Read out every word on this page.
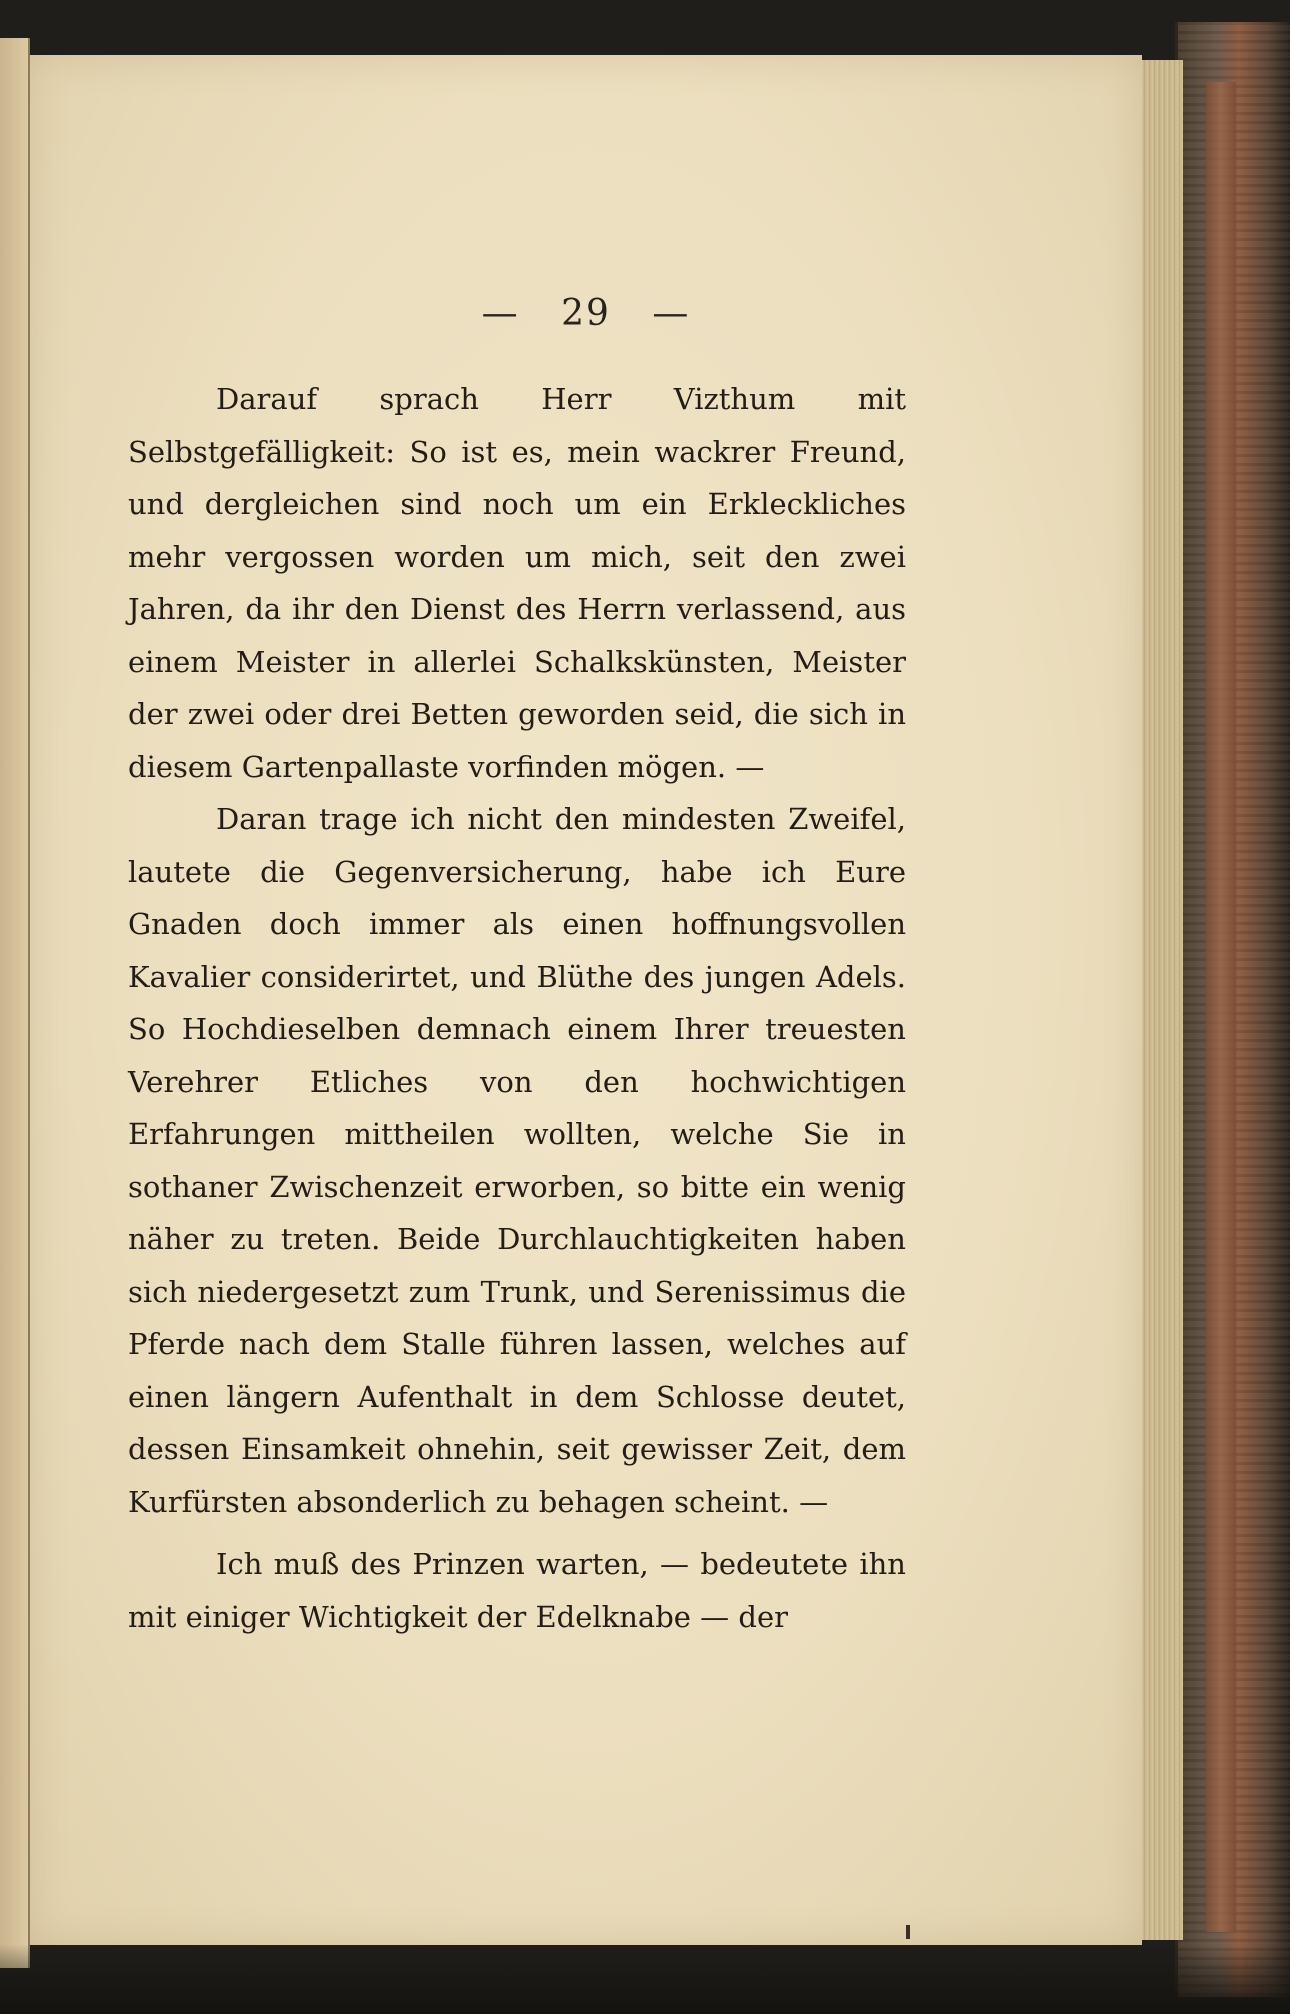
— 29 —

Darauf sprach Herr Vizthum mit Selbstgefälligkeit: So ist es, mein wackrer Freund, und dergleichen sind noch um ein Erkleckliches mehr vergossen worden um mich, seit den zwei Jahren, da ihr den Dienst des Herrn verlassend, aus einem Meister in allerlei Schalkskünsten, Meister der zwei oder drei Betten geworden seid, die sich in diesem Gartenpallaste vorfinden mögen. —

Daran trage ich nicht den mindesten Zweifel, lautete die Gegenversicherung, habe ich Eure Gnaden doch immer als einen hoffnungsvollen Kavalier considerirtet, und Blüthe des jungen Adels. So Hochdieselben demnach einem Ihrer treuesten Verehrer Etliches von den hochwichtigen Erfahrungen mittheilen wollten, welche Sie in sothaner Zwischenzeit erworben, so bitte ein wenig näher zu treten. Beide Durchlauchtigkeiten haben sich niedergesetzt zum Trunk, und Serenissimus die Pferde nach dem Stalle führen lassen, welches auf einen längern Aufenthalt in dem Schlosse deutet, dessen Einsamkeit ohnehin, seit gewisser Zeit, dem Kurfürsten absonderlich zu behagen scheint. —

Ich muß des Prinzen warten, — bedeutete ihn mit einiger Wichtigkeit der Edelknabe — der
